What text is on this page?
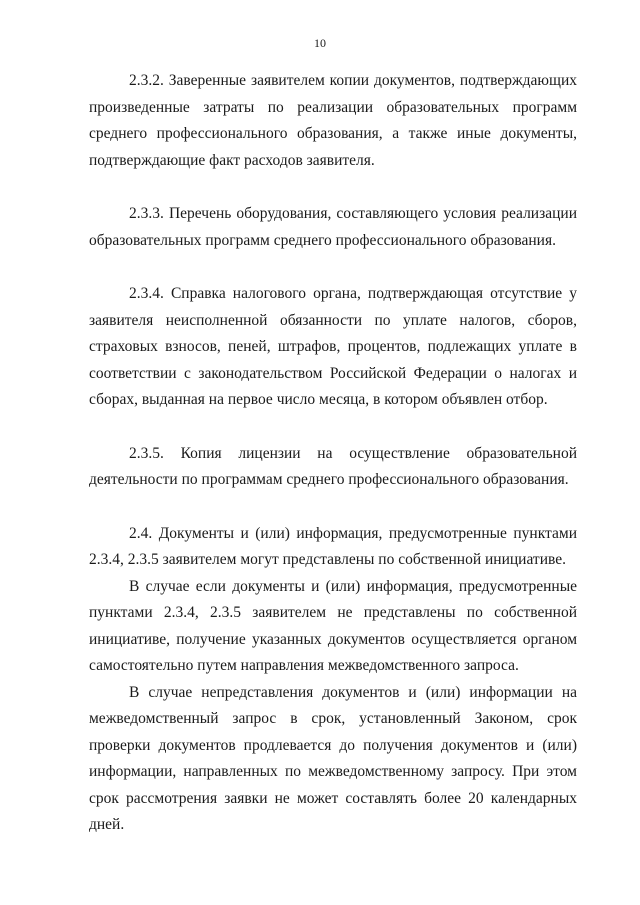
10

2.3.2. Заверенные заявителем копии документов, подтверждающих произведенные затраты по реализации образовательных программ среднего профессионального образования, а также иные документы, подтверждающие факт расходов заявителя.

2.3.3. Перечень оборудования, составляющего условия реализации образовательных программ среднего профессионального образования.

2.3.4. Справка налогового органа, подтверждающая отсутствие у заявителя неисполненной обязанности по уплате налогов, сборов, страховых взносов, пеней, штрафов, процентов, подлежащих уплате в соответствии с законодательством Российской Федерации о налогах и сборах, выданная на первое число месяца, в котором объявлен отбор.

2.3.5. Копия лицензии на осуществление образовательной деятельности по программам среднего профессионального образования.

2.4. Документы и (или) информация, предусмотренные пунктами 2.3.4, 2.3.5 заявителем могут представлены по собственной инициативе.

В случае если документы и (или) информация, предусмотренные пунктами 2.3.4, 2.3.5 заявителем не представлены по собственной инициативе, получение указанных документов осуществляется органом самостоятельно путем направления межведомственного запроса.

В случае непредставления документов и (или) информации на межведомственный запрос в срок, установленный Законом, срок проверки документов продлевается до получения документов и (или) информации, направленных по межведомственному запросу. При этом срок рассмотрения заявки не может составлять более 20 календарных дней.
